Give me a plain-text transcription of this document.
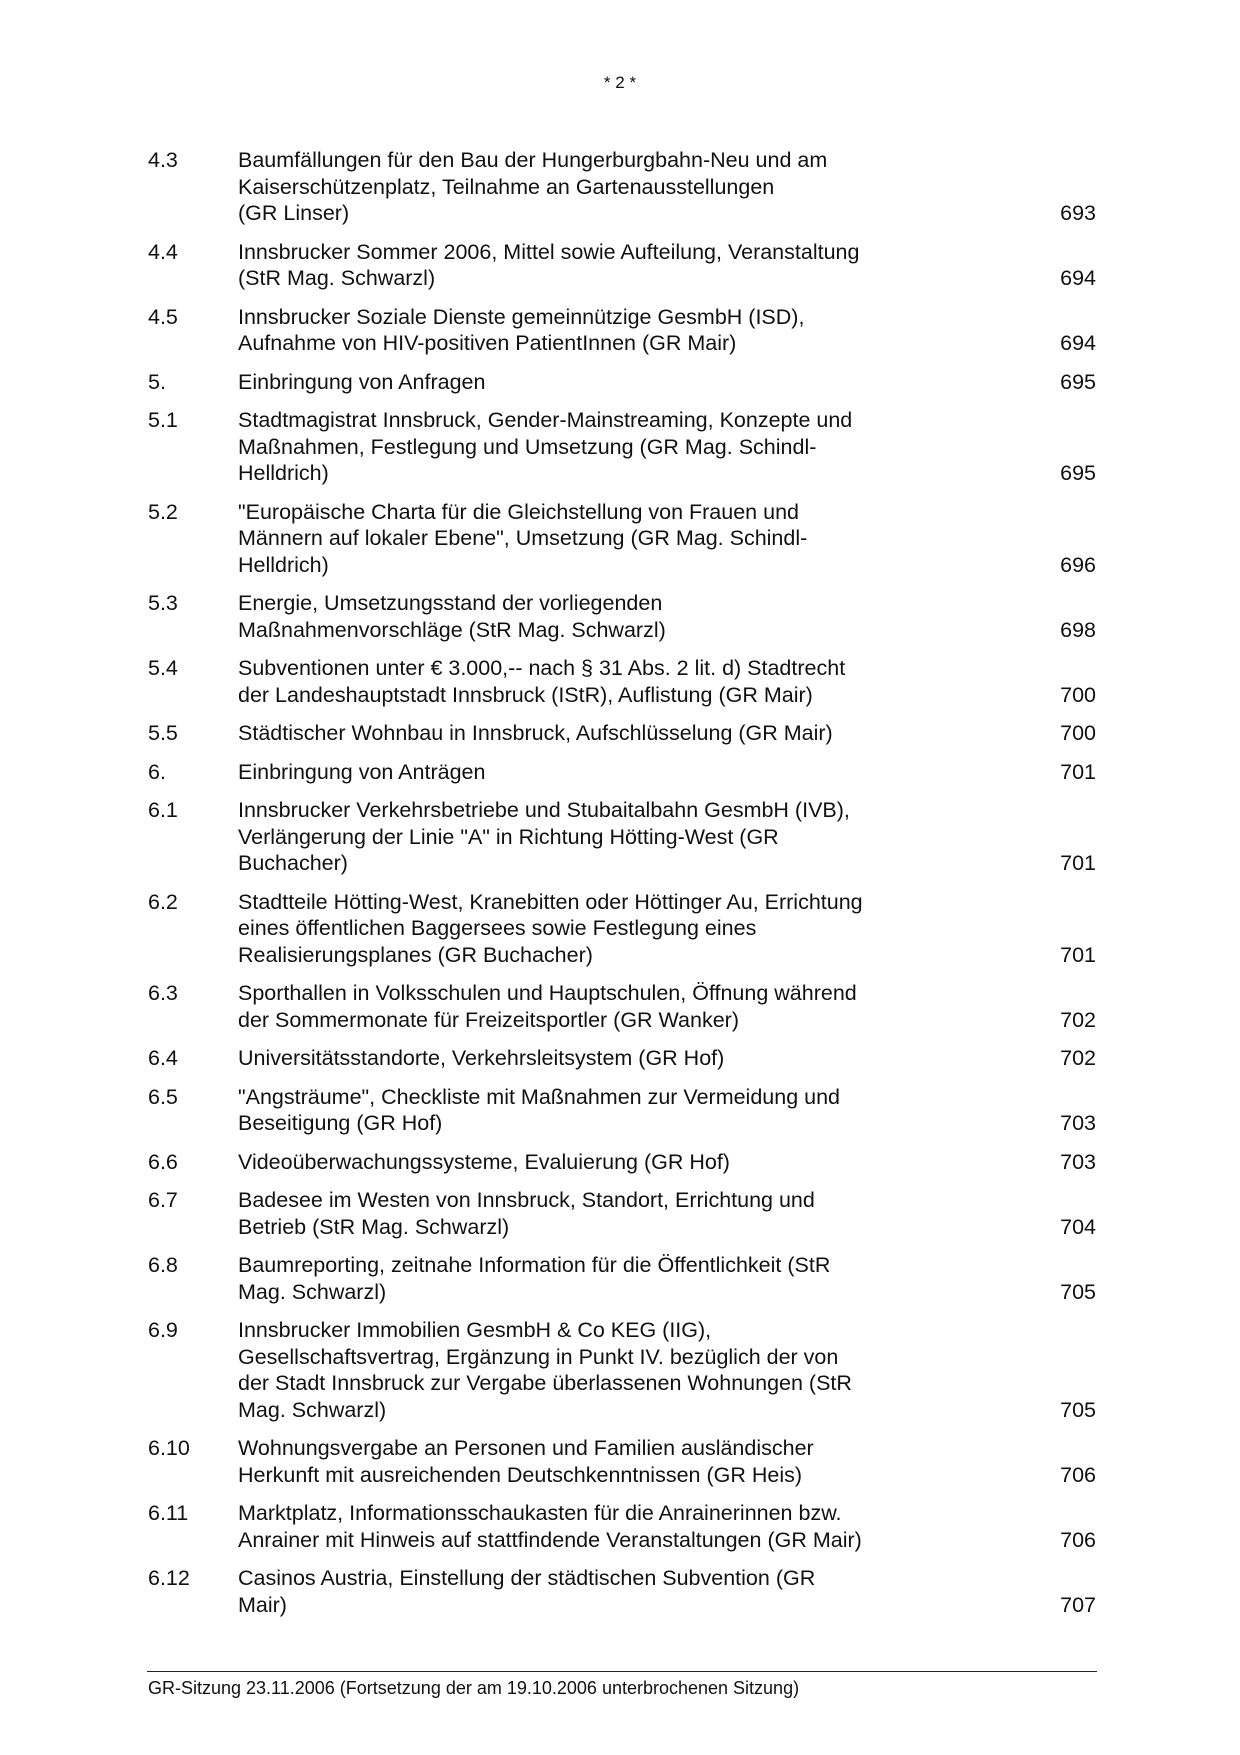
* 2 *
4.3	Baumfällungen für den Bau der Hungerburgbahn-Neu und am
Kaiserschützenplatz, Teilnahme an Gartenausstellungen
(GR Linser)	693
4.4	Innsbrucker Sommer 2006, Mittel sowie Aufteilung, Veranstaltung
(StR Mag. Schwarzl)	694
4.5	Innsbrucker Soziale Dienste gemeinnützige GesmbH (ISD),
Aufnahme von HIV-positiven PatientInnen (GR Mair)	694
5.	Einbringung von Anfragen	695
5.1	Stadtmagistrat Innsbruck, Gender-Mainstreaming, Konzepte und
Maßnahmen, Festlegung und Umsetzung (GR Mag. Schindl-
Helldrich)	695
5.2	"Europäische Charta für die Gleichstellung von Frauen und
Männern auf lokaler Ebene", Umsetzung (GR Mag. Schindl-
Helldrich)	696
5.3	Energie, Umsetzungsstand der vorliegenden
Maßnahmenvorschläge (StR Mag. Schwarzl)	698
5.4	Subventionen unter € 3.000,-- nach § 31 Abs. 2 lit. d) Stadtrecht
der Landeshauptstadt Innsbruck (IStR), Auflistung (GR Mair)	700
5.5	Städtischer Wohnbau in Innsbruck, Aufschlüsselung (GR Mair)	700
6.	Einbringung von Anträgen	701
6.1	Innsbrucker Verkehrsbetriebe und Stubaitalbahn GesmbH (IVB),
Verlängerung der Linie "A" in Richtung Hötting-West (GR
Buchacher)	701
6.2	Stadtteile Hötting-West, Kranebitten oder Höttinger Au, Errichtung
eines öffentlichen Baggersees sowie Festlegung eines
Realisierungsplanes (GR Buchacher)	701
6.3	Sporthallen in Volksschulen und Hauptschulen, Öffnung während
der Sommermonate für Freizeitsportler (GR Wanker)	702
6.4	Universitätsstandorte, Verkehrsleitsystem (GR Hof)	702
6.5	"Angsträume", Checkliste mit Maßnahmen zur Vermeidung und
Beseitigung (GR Hof)	703
6.6	Videoüberwachungssysteme, Evaluierung (GR Hof)	703
6.7	Badesee im Westen von Innsbruck, Standort, Errichtung und
Betrieb (StR Mag. Schwarzl)	704
6.8	Baumreporting, zeitnahe Information für die Öffentlichkeit (StR
Mag. Schwarzl)	705
6.9	Innsbrucker Immobilien GesmbH & Co KEG (IIG),
Gesellschaftsvertrag, Ergänzung in Punkt IV. bezüglich der von
der Stadt Innsbruck zur Vergabe überlassenen Wohnungen (StR
Mag. Schwarzl)	705
6.10 Wohnungsvergabe an Personen und Familien ausländischer
Herkunft mit ausreichenden Deutschkenntnissen (GR Heis)	706
6.11 Marktplatz, Informationsschaukasten für die Anrainerinnen bzw.
Anrainer mit Hinweis auf stattfindende Veranstaltungen (GR Mair)	706
6.12 Casinos Austria, Einstellung der städtischen Subvention (GR
Mair)	707
GR-Sitzung 23.11.2006 (Fortsetzung der am 19.10.2006 unterbrochenen Sitzung)
